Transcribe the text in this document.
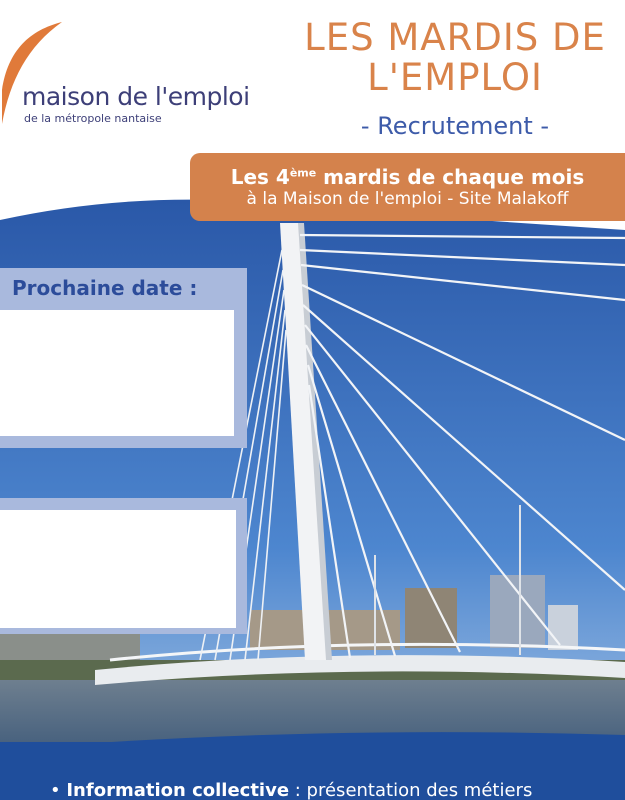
maison de l'emploi
de la métropole nantaise
LES MARDIS DE
L'EMPLOI
- Recrutement -
Les 4ème mardis de chaque mois
à la Maison de l'emploi - Site Malakoff
Prochaine date :
• Information collective : présentation des métiers
